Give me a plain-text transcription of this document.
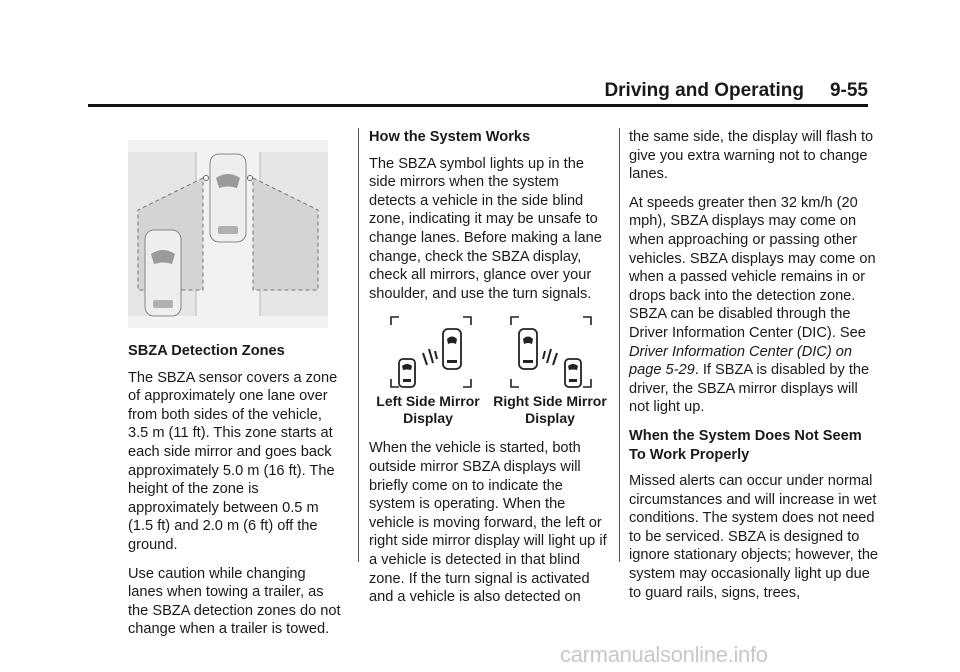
Driving and Operating 9-55

SBZA Detection Zones

The SBZA sensor covers a zone of approximately one lane over from both sides of the vehicle, 3.5 m (11 ft). This zone starts at each side mirror and goes back approximately 5.0 m (16 ft). The height of the zone is approximately between 0.5 m (1.5 ft) and 2.0 m (6 ft) off the ground.

Use caution while changing lanes when towing a trailer, as the SBZA detection zones do not change when a trailer is towed.

How the System Works

The SBZA symbol lights up in the side mirrors when the system detects a vehicle in the side blind zone, indicating it may be unsafe to change lanes. Before making a lane change, check the SBZA display, check all mirrors, glance over your shoulder, and use the turn signals.

Left Side Mirror Display
Right Side Mirror Display

When the vehicle is started, both outside mirror SBZA displays will briefly come on to indicate the system is operating. When the vehicle is moving forward, the left or right side mirror display will light up if a vehicle is detected in that blind zone. If the turn signal is activated and a vehicle is also detected on

the same side, the display will flash to give you extra warning not to change lanes.

At speeds greater then 32 km/h (20 mph), SBZA displays may come on when approaching or passing other vehicles. SBZA displays may come on when a passed vehicle remains in or drops back into the detection zone. SBZA can be disabled through the Driver Information Center (DIC). See Driver Information Center (DIC) on page 5-29. If SBZA is disabled by the driver, the SBZA mirror displays will not light up.

When the System Does Not Seem To Work Properly

Missed alerts can occur under normal circumstances and will increase in wet conditions. The system does not need to be serviced. SBZA is designed to ignore stationary objects; however, the system may occasionally light up due to guard rails, signs, trees,

carmanualsonline.info
